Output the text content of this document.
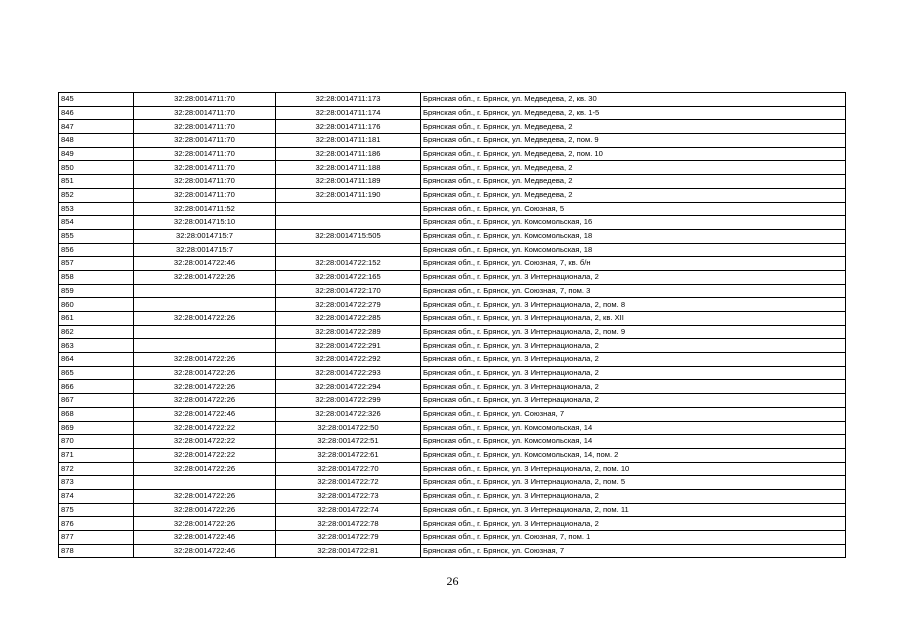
845	32:28:0014711:70	32:28:0014711:173	Брянская обл., г. Брянск, ул. Медведева, 2, кв. 30
846	32:28:0014711:70	32:28:0014711:174	Брянская обл., г. Брянск, ул. Медведева, 2, кв. 1-5
847	32:28:0014711:70	32:28:0014711:176	Брянская обл., г. Брянск, ул. Медведева, 2
848	32:28:0014711:70	32:28:0014711:181	Брянская обл., г. Брянск, ул. Медведева, 2, пом. 9
849	32:28:0014711:70	32:28:0014711:186	Брянская обл., г. Брянск, ул. Медведева, 2, пом. 10
850	32:28:0014711:70	32:28:0014711:188	Брянская обл., г. Брянск, ул. Медведева, 2
851	32:28:0014711:70	32:28:0014711:189	Брянская обл., г. Брянск, ул. Медведева, 2
852	32:28:0014711:70	32:28:0014711:190	Брянская обл., г. Брянск, ул. Медведева, 2
853	32:28:0014711:52		Брянская обл., г. Брянск, ул. Союзная, 5
854	32:28:0014715:10		Брянская обл., г. Брянск, ул. Комсомольская, 16
855	32:28:0014715:7	32:28:0014715:505	Брянская обл., г. Брянск, ул. Комсомольская, 18
856	32:28:0014715:7		Брянская обл., г. Брянск, ул. Комсомольская, 18
857	32:28:0014722:46	32:28:0014722:152	Брянская обл., г. Брянск, ул. Союзная, 7, кв. б/н
858	32:28:0014722:26	32:28:0014722:165	Брянская обл., г. Брянск, ул. 3 Интернационала, 2
859		32:28:0014722:170	Брянская обл., г. Брянск, ул. Союзная, 7, пом. 3
860		32:28:0014722:279	Брянская обл., г. Брянск, ул. 3 Интернационала, 2, пом. 8
861	32:28:0014722:26	32:28:0014722:285	Брянская обл., г. Брянск, ул. 3 Интернационала, 2, кв. XII
862		32:28:0014722:289	Брянская обл., г. Брянск, ул. 3 Интернационала, 2, пом. 9
863		32:28:0014722:291	Брянская обл., г. Брянск, ул. 3 Интернационала, 2
864	32:28:0014722:26	32:28:0014722:292	Брянская обл., г. Брянск, ул. 3 Интернационала, 2
865	32:28:0014722:26	32:28:0014722:293	Брянская обл., г. Брянск, ул. 3 Интернационала, 2
866	32:28:0014722:26	32:28:0014722:294	Брянская обл., г. Брянск, ул. 3 Интернационала, 2
867	32:28:0014722:26	32:28:0014722:299	Брянская обл., г. Брянск, ул. 3 Интернационала, 2
868	32:28:0014722:46	32:28:0014722:326	Брянская обл., г. Брянск, ул. Союзная, 7
869	32:28:0014722:22	32:28:0014722:50	Брянская обл., г. Брянск, ул. Комсомольская, 14
870	32:28:0014722:22	32:28:0014722:51	Брянская обл., г. Брянск, ул. Комсомольская, 14
871	32:28:0014722:22	32:28:0014722:61	Брянская обл., г. Брянск, ул. Комсомольская, 14, пом. 2
872	32:28:0014722:26	32:28:0014722:70	Брянская обл., г. Брянск, ул. 3 Интернационала, 2, пом. 10
873		32:28:0014722:72	Брянская обл., г. Брянск, ул. 3 Интернационала, 2, пом. 5
874	32:28:0014722:26	32:28:0014722:73	Брянская обл., г. Брянск, ул. 3 Интернационала, 2
875	32:28:0014722:26	32:28:0014722:74	Брянская обл., г. Брянск, ул. 3 Интернационала, 2, пом. 11
876	32:28:0014722:26	32:28:0014722:78	Брянская обл., г. Брянск, ул. 3 Интернационала, 2
877	32:28:0014722:46	32:28:0014722:79	Брянская обл., г. Брянск, ул. Союзная, 7, пом. 1
878	32:28:0014722:46	32:28:0014722:81	Брянская обл., г. Брянск, ул. Союзная, 7
26
